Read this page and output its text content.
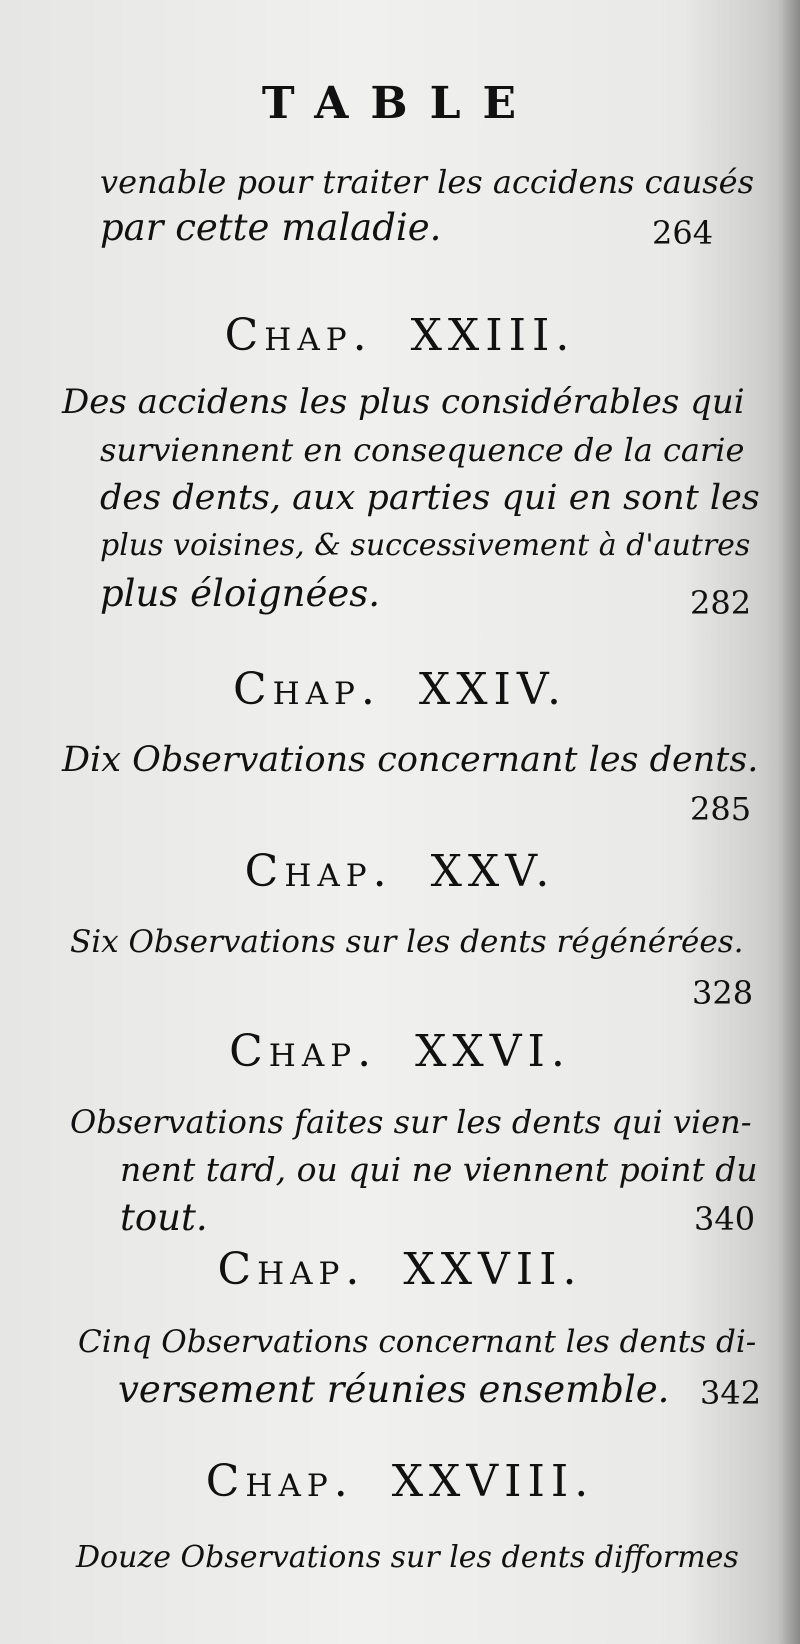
TABLE
venable pour traiter les accidens causés
par cette maladie.	264
Chap. XXIII.
Des accidens les plus considérables qui
surviennent en consequence de la carie
des dents, aux parties qui en sont les
plus voisines, & successivement à d'autres
plus éloignées.	282
Chap. XXIV.
Dix Observations concernant les dents.
285
Chap. XXV.
Six Observations sur les dents régénérées.
328
Chap. XXVI.
Observations faites sur les dents qui vien-
nent tard, ou qui ne viennent point du
tout.	340
Chap. XXVII.
Cinq Observations concernant les dents di-
versement réunies ensemble. 342
Chap. XXVIII.
Douze Observations sur les dents difformes
